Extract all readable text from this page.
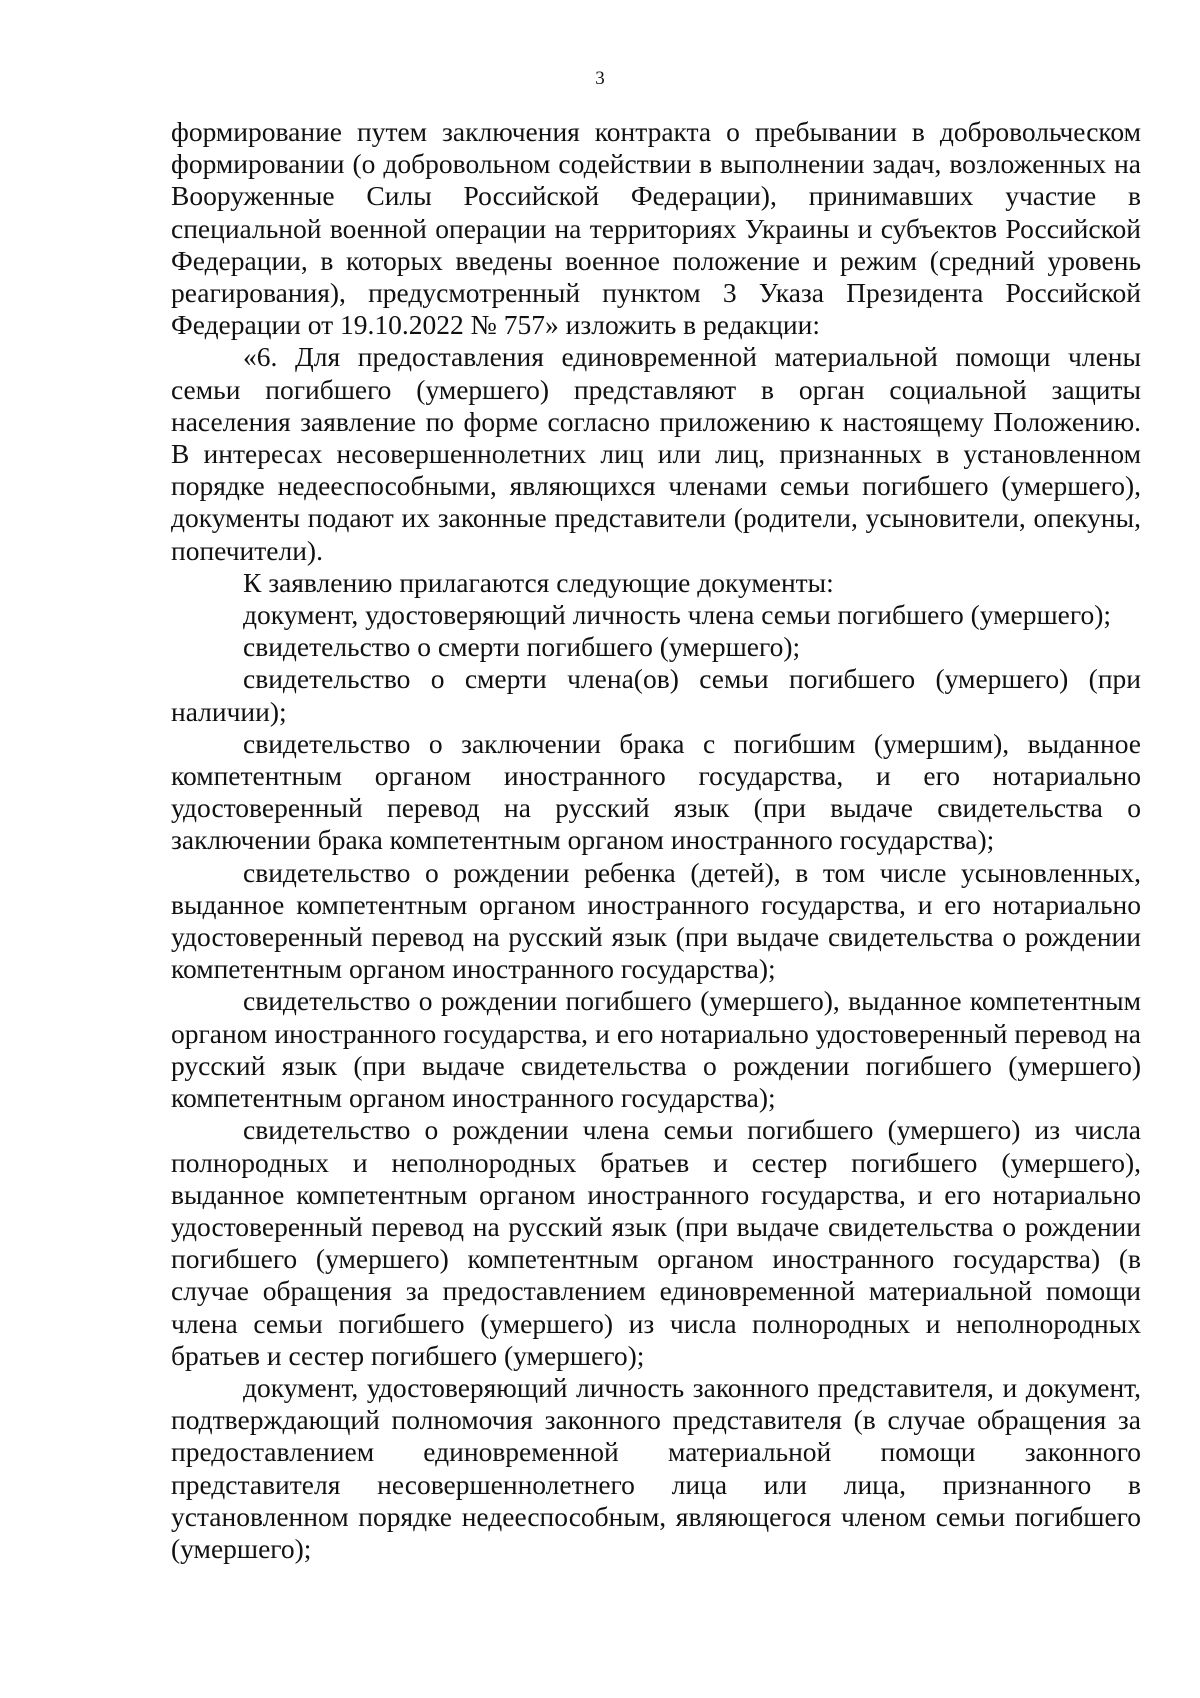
3

формирование путем заключения контракта о пребывании в добровольческом формировании (о добровольном содействии в выполнении задач, возложенных на Вооруженные Силы Российской Федерации), принимавших участие в специальной военной операции на территориях Украины и субъектов Российской Федерации, в которых введены военное положение и режим (средний уровень реагирования), предусмотренный пунктом 3 Указа Президента Российской Федерации от 19.10.2022 № 757» изложить в редакции:

«6. Для предоставления единовременной материальной помощи члены семьи погибшего (умершего) представляют в орган социальной защиты населения заявление по форме согласно приложению к настоящему Положению. В интересах несовершеннолетних лиц или лиц, признанных в установленном порядке недееспособными, являющихся членами семьи погибшего (умершего), документы подают их законные представители (родители, усыновители, опекуны, попечители).

К заявлению прилагаются следующие документы:

документ, удостоверяющий личность члена семьи погибшего (умершего);

свидетельство о смерти погибшего (умершего);

свидетельство о смерти члена(ов) семьи погибшего (умершего) (при наличии);

свидетельство о заключении брака с погибшим (умершим), выданное компетентным органом иностранного государства, и его нотариально удостоверенный перевод на русский язык (при выдаче свидетельства о заключении брака компетентным органом иностранного государства);

свидетельство о рождении ребенка (детей), в том числе усыновленных, выданное компетентным органом иностранного государства, и его нотариально удостоверенный перевод на русский язык (при выдаче свидетельства о рождении компетентным органом иностранного государства);

свидетельство о рождении погибшего (умершего), выданное компетентным органом иностранного государства, и его нотариально удостоверенный перевод на русский язык (при выдаче свидетельства о рождении погибшего (умершего) компетентным органом иностранного государства);

свидетельство о рождении члена семьи погибшего (умершего) из числа полнородных и неполнородных братьев и сестер погибшего (умершего), выданное компетентным органом иностранного государства, и его нотариально удостоверенный перевод на русский язык (при выдаче свидетельства о рождении погибшего (умершего) компетентным органом иностранного государства) (в случае обращения за предоставлением единовременной материальной помощи члена семьи погибшего (умершего) из числа полнородных и неполнородных братьев и сестер погибшего (умершего);

документ, удостоверяющий личность законного представителя, и документ, подтверждающий полномочия законного представителя (в случае обращения за предоставлением единовременной материальной помощи законного представителя несовершеннолетнего лица или лица, признанного в установленном порядке недееспособным, являющегося членом семьи погибшего (умершего);
